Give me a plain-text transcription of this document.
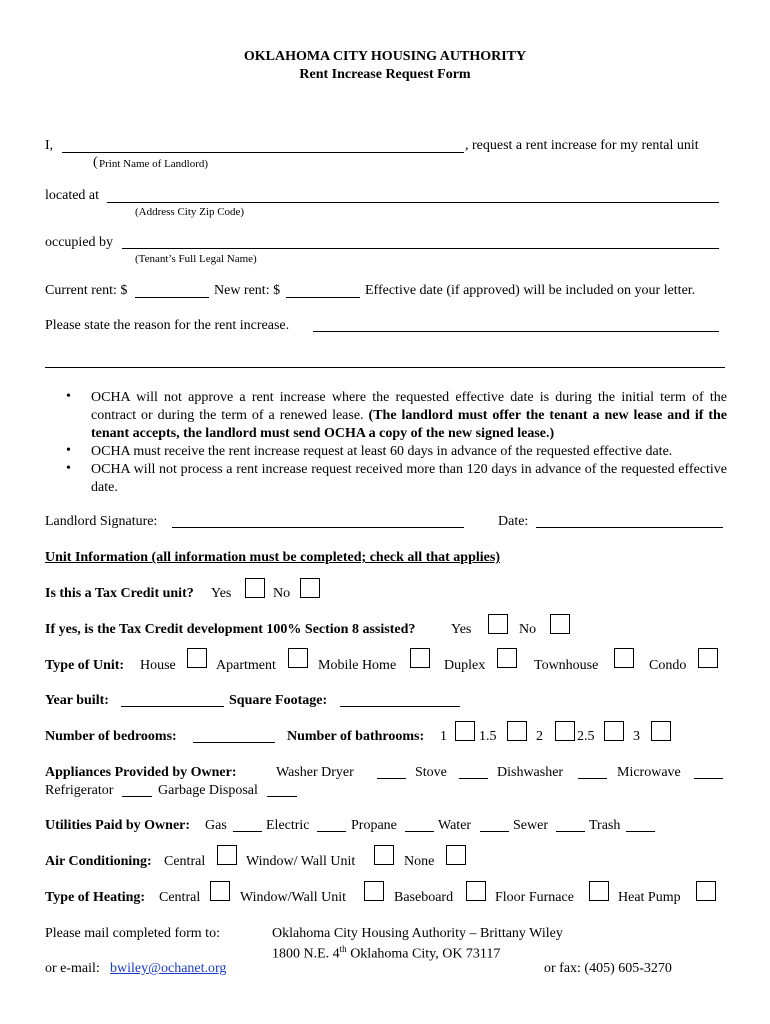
OKLAHOMA CITY HOUSING AUTHORITY
Rent Increase Request Form
I,	, request a rent increase for my rental unit
( Print Name of Landlord)
located at
(Address City Zip Code)
occupied by
(Tenant’s Full Legal Name)
Current rent: $	New rent: $	Effective date (if approved) will be included on your letter.
Please state the reason for the rent increase.
• OCHA will not approve a rent increase where the requested effective date is during the initial term of the contract or during the term of a renewed lease. (The landlord must offer the tenant a new lease and if the tenant accepts, the landlord must send OCHA a copy of the new signed lease.)
• OCHA must receive the rent increase request at least 60 days in advance of the requested effective date.
• OCHA will not process a rent increase request received more than 120 days in advance of the requested effective date.
Landlord Signature:	Date:
Unit Information (all information must be completed; check all that applies)
Is this a Tax Credit unit? Yes	No
If yes, is the Tax Credit development 100% Section 8 assisted?	Yes	No
Type of Unit: House	Apartment	Mobile Home	Duplex	Townhouse	Condo
Year built:	Square Footage:
Number of bedrooms:	Number of bathrooms: 1 1.5	2 2.5	3
Appliances Provided by Owner:	Washer Dryer	Stove	Dishwasher	Microwave
Refrigerator	Garbage Disposal
Utilities Paid by Owner: Gas	Electric	Propane	Water	Sewer	Trash
Air Conditioning: Central	Window/ Wall Unit	None
Type of Heating: Central	Window/Wall Unit	Baseboard	Floor Furnace	Heat Pump
Please mail completed form to:	Oklahoma City Housing Authority – Brittany Wiley
1800 N.E. 4th Oklahoma City, OK 73117
or e-mail: bwiley@ochanet.org	or fax: (405) 605-3270
